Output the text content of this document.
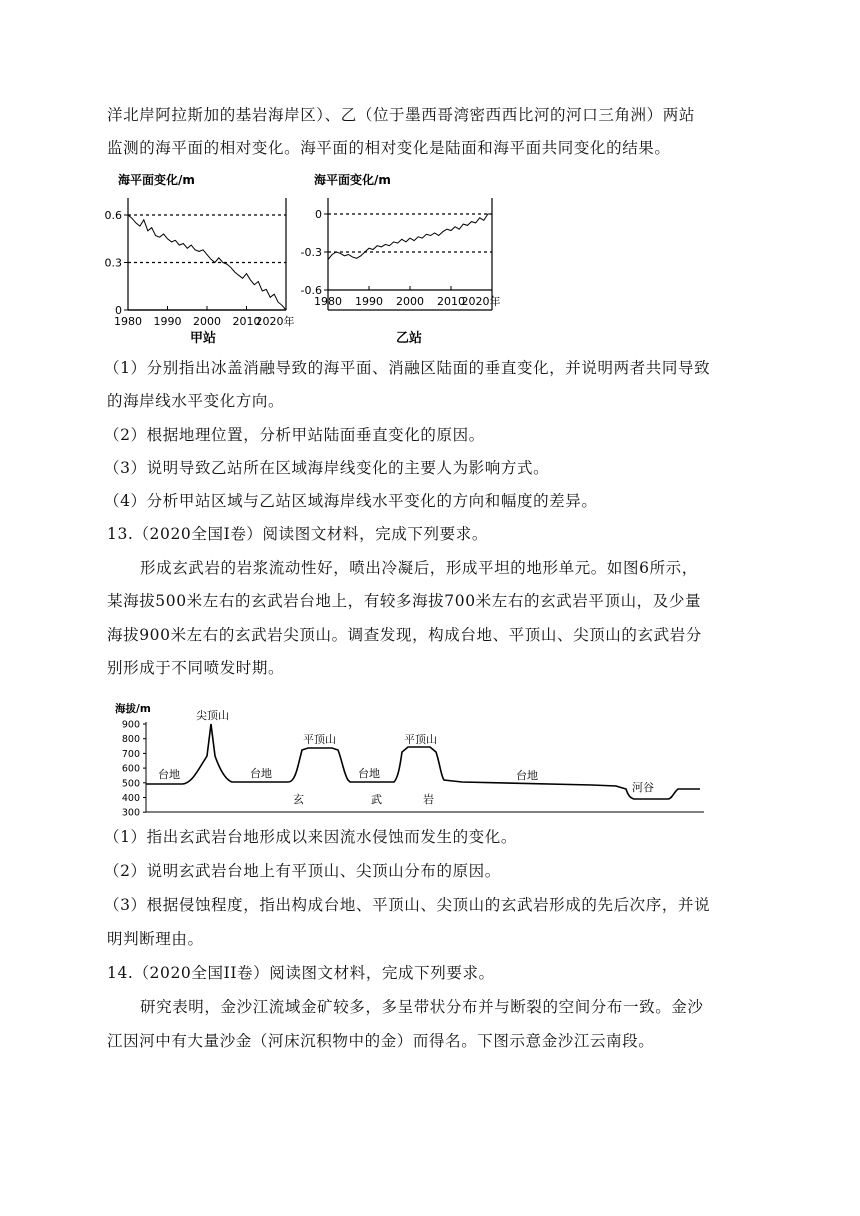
洋北岸阿拉斯加的基岩海岸区）、乙（位于墨西哥湾密西西比河的河口三角洲）两站
监测的海平面的相对变化。海平面的相对变化是陆面和海平面共同变化的结果。
海平面变化/m
0.6
0.3
0
1980 1990 2000 2010
2020年
甲站
海平面变化/m
0
-0.3
-0.6
1980 1990 2000 2010
2020年
乙站
（1）分别指出冰盖消融导致的海平面、消融区陆面的垂直变化，并说明两者共同导致
的海岸线水平变化方向。
（2）根据地理位置，分析甲站陆面垂直变化的原因。
（3）说明导致乙站所在区域海岸线变化的主要人为影响方式。
（4）分析甲站区域与乙站区域海岸线水平变化的方向和幅度的差异。
13.（2020全国I卷）阅读图文材料，完成下列要求。
形成玄武岩的岩浆流动性好，喷出冷凝后，形成平坦的地形单元。如图6所示，
某海拔500米左右的玄武岩台地上，有较多海拔700米左右的玄武岩平顶山，及少量
海拔900米左右的玄武岩尖顶山。调查发现，构成台地、平顶山、尖顶山的玄武岩分
别形成于不同喷发时期。
海拔/m
900
800
700
600
500
400
300
尖顶山
平顶山	平顶山
台地	台地	台地	台地
河谷
玄	武	岩
（1）指出玄武岩台地形成以来因流水侵蚀而发生的变化。
（2）说明玄武岩台地上有平顶山、尖顶山分布的原因。
（3）根据侵蚀程度，指出构成台地、平顶山、尖顶山的玄武岩形成的先后次序，并说
明判断理由。
14.（2020全国II卷）阅读图文材料，完成下列要求。
研究表明，金沙江流域金矿较多，多呈带状分布并与断裂的空间分布一致。金沙
江因河中有大量沙金（河床沉积物中的金）而得名。下图示意金沙江云南段。
